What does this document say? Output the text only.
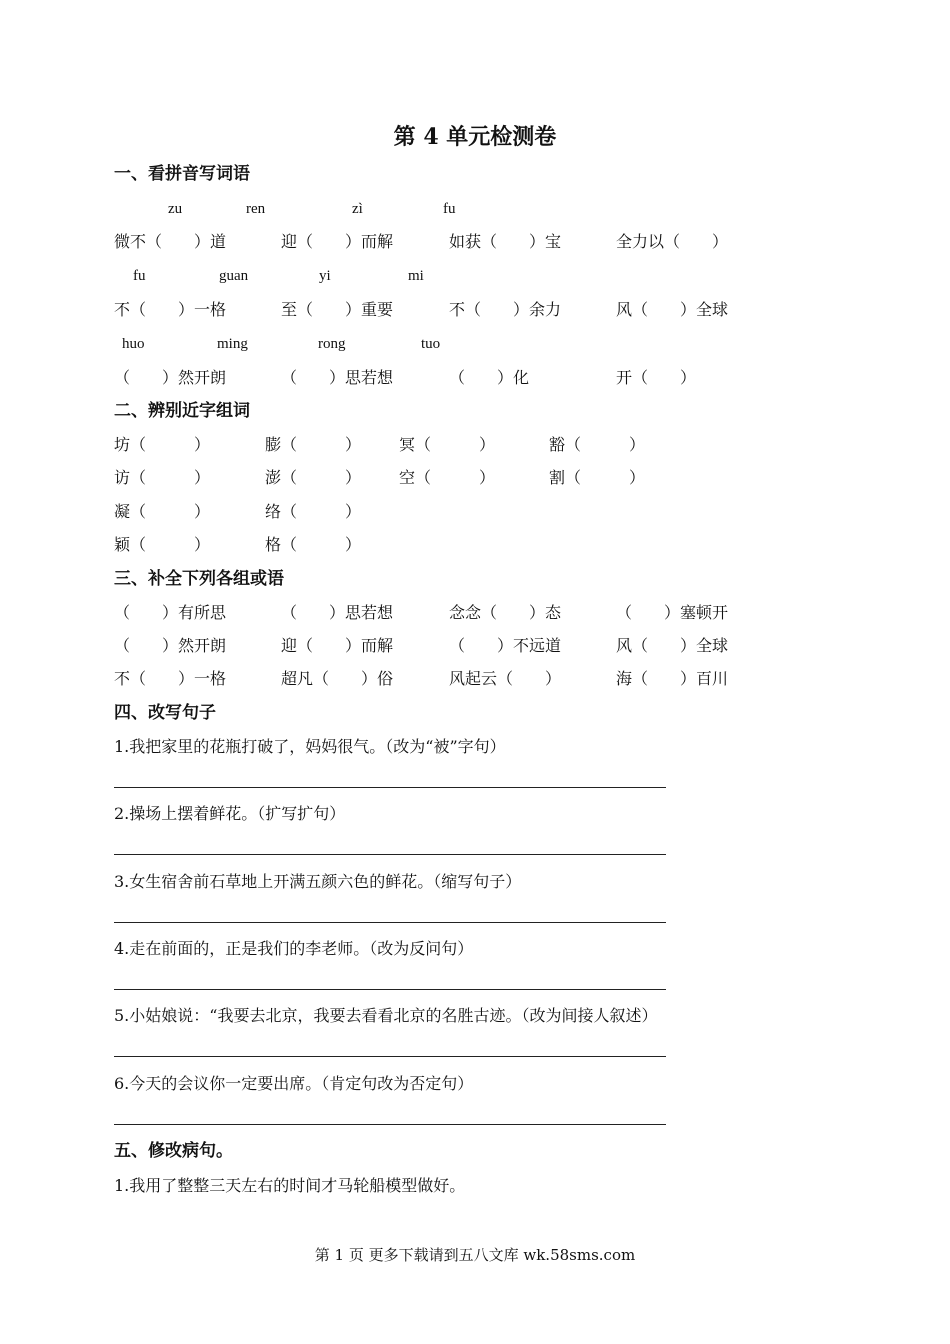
第 4 单元检测卷
一、看拼音写词语
zu	ren	zì	fu
微不（　　）道	迎（　　）而解	如获（　　）宝	全力以（　　）
fu	guan	yi	mi
不（　　）一格	至（　　）重要	不（　　）余力	风（　　）全球
huo	ming	rong	tuo
（　　）然开朗	（　　）思若想	（　　）化	开（　　）
二、辨别近字组词
坊（　　　）	膨（　　　） 冥（　　　）	豁（　　　）
访（　　　）	澎（　　　） 空（　　　）	割（　　　）
凝（　　　）	络（　　　）
颖（　　　）	格（　　　）
三、补全下列各组或语
（　　）有所思	（　　）思若想	念念（　　）态	（　　）塞顿开
（　　）然开朗	迎（　　）而解	（　　）不远道	风（　　）全球
不（　　）一格	超凡（　　）俗	风起云（　　）	海（　　）百川
四、改写句子
1.我把家里的花瓶打破了，妈妈很气。（改为“被”字句）
2.操场上摆着鲜花。（扩写扩句）
3.女生宿舍前石草地上开满五颜六色的鲜花。（缩写句子）
4.走在前面的，正是我们的李老师。（改为反问句）
5.小姑娘说：“我要去北京，我要去看看北京的名胜古迹。（改为间接人叙述）
6.今天的会议你一定要出席。（肯定句改为否定句）
五、修改病句。
1.我用了整整三天左右的时间才马轮船模型做好。
第 1 页 更多下载请到五八文库 wk.58sms.com
